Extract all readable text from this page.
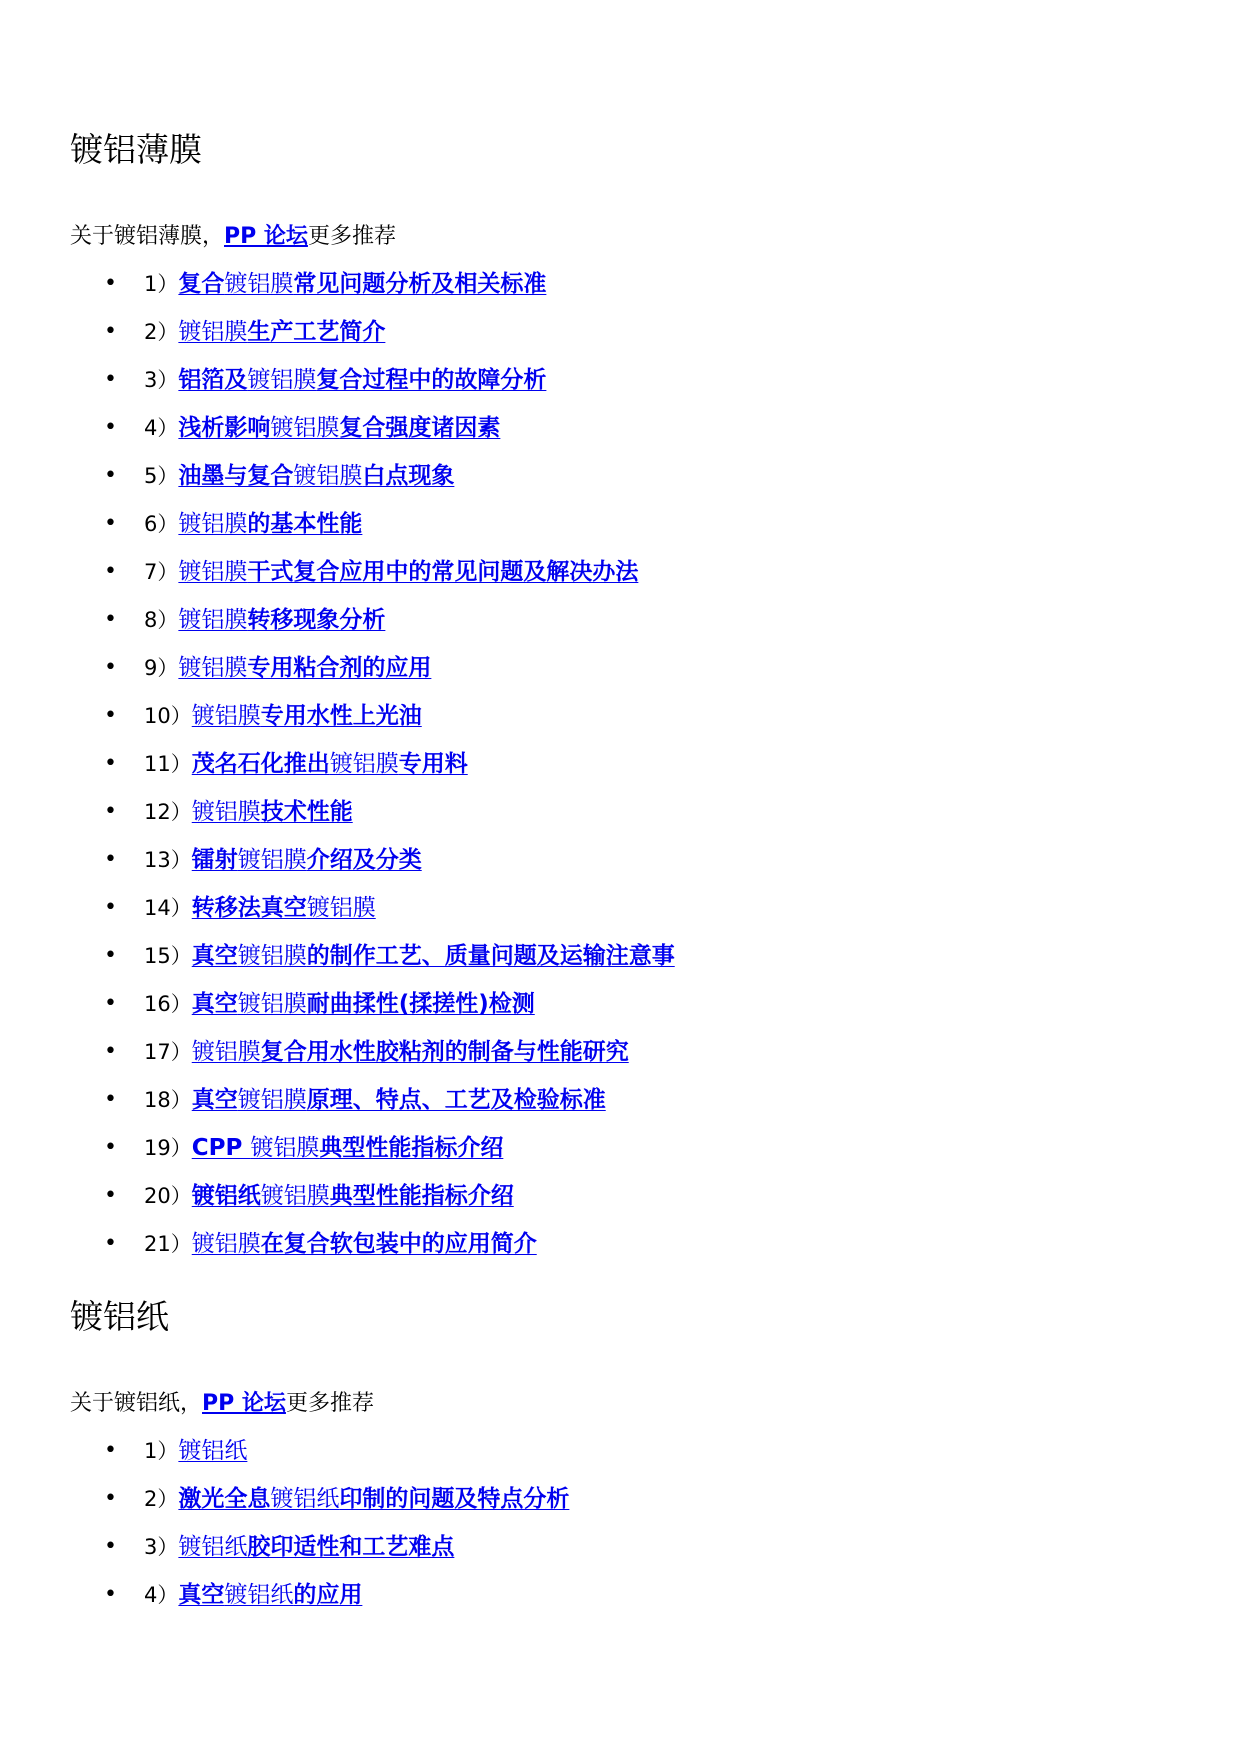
镀铝薄膜

关于镀铝薄膜，PP 论坛更多推荐

•	1） 复合镀铝膜常见问题分析及相关标准
•	2） 镀铝膜生产工艺简介
•	3） 铝箔及镀铝膜复合过程中的故障分析
•	4） 浅析影响镀铝膜复合强度诸因素
•	5） 油墨与复合镀铝膜白点现象
•	6） 镀铝膜的基本性能
•	7） 镀铝膜干式复合应用中的常见问题及解决办法
•	8） 镀铝膜转移现象分析
•	9） 镀铝膜专用粘合剂的应用
•	10） 镀铝膜专用水性上光油
•	11） 茂名石化推出镀铝膜专用料
•	12） 镀铝膜技术性能
•	13） 镭射镀铝膜介绍及分类
•	14） 转移法真空镀铝膜
•	15） 真空镀铝膜的制作工艺、质量问题及运输注意事
•	16） 真空镀铝膜耐曲揉性(揉搓性)检测
•	17） 镀铝膜复合用水性胶粘剂的制备与性能研究
•	18） 真空镀铝膜原理、特点、工艺及检验标准
•	19） CPP 镀铝膜典型性能指标介绍
•	20） 镀铝纸镀铝膜典型性能指标介绍
•	21） 镀铝膜在复合软包装中的应用简介
镀铝纸

关于镀铝纸，PP 论坛更多推荐

•	1） 镀铝纸
•	2） 激光全息镀铝纸印制的问题及特点分析
•	3） 镀铝纸胶印适性和工艺难点
•	4） 真空镀铝纸的应用
